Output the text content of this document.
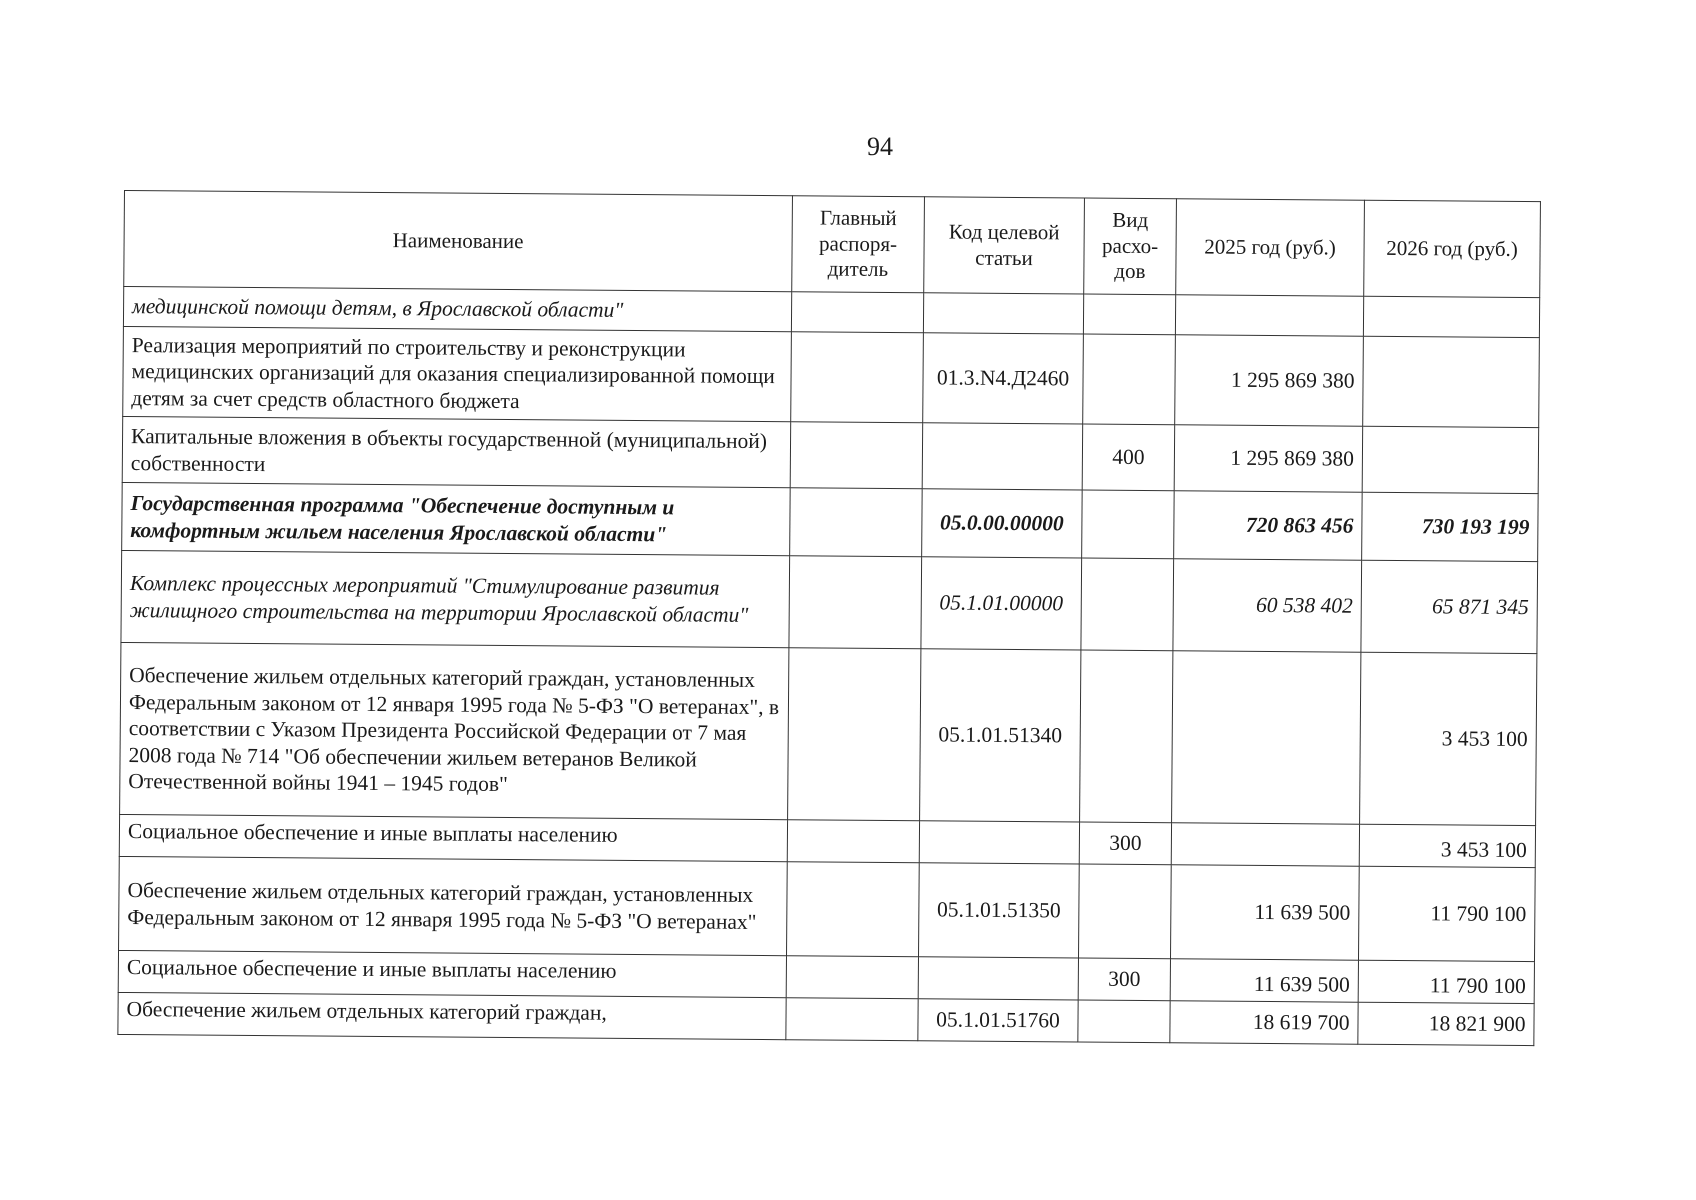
94
Наименование	Главный распоря-дитель	Код целевой статьи	Вид расхо-дов	2025 год (руб.)	2026 год (руб.)
медицинской помощи детям, в Ярославской области"					
Реализация мероприятий по строительству и реконструкции медицинских организаций для оказания специализированной помощи детям за счет средств областного бюджета		01.3.N4.Д2460		1 295 869 380	
Капитальные вложения в объекты государственной (муниципальной) собственности			400	1 295 869 380	
Государственная программа "Обеспечение доступным и комфортным жильем населения Ярославской области"		05.0.00.00000		720 863 456	730 193 199
Комплекс процессных мероприятий "Стимулирование развития жилищного строительства на территории Ярославской области"		05.1.01.00000		60 538 402	65 871 345
Обеспечение жильем отдельных категорий граждан, установленных Федеральным законом от 12 января 1995 года № 5-ФЗ "О ветеранах", в соответствии с Указом Президента Российской Федерации от 7 мая 2008 года № 714 "Об обеспечении жильем ветеранов Великой Отечественной войны 1941 – 1945 годов"		05.1.01.51340			3 453 100
Социальное обеспечение и иные выплаты населению			300		3 453 100
Обеспечение жильем отдельных категорий граждан, установленных Федеральным законом от 12 января 1995 года № 5-ФЗ "О ветеранах"		05.1.01.51350		11 639 500	11 790 100
Социальное обеспечение и иные выплаты населению			300	11 639 500	11 790 100
Обеспечение жильем отдельных категорий граждан,		05.1.01.51760		18 619 700	18 821 900
